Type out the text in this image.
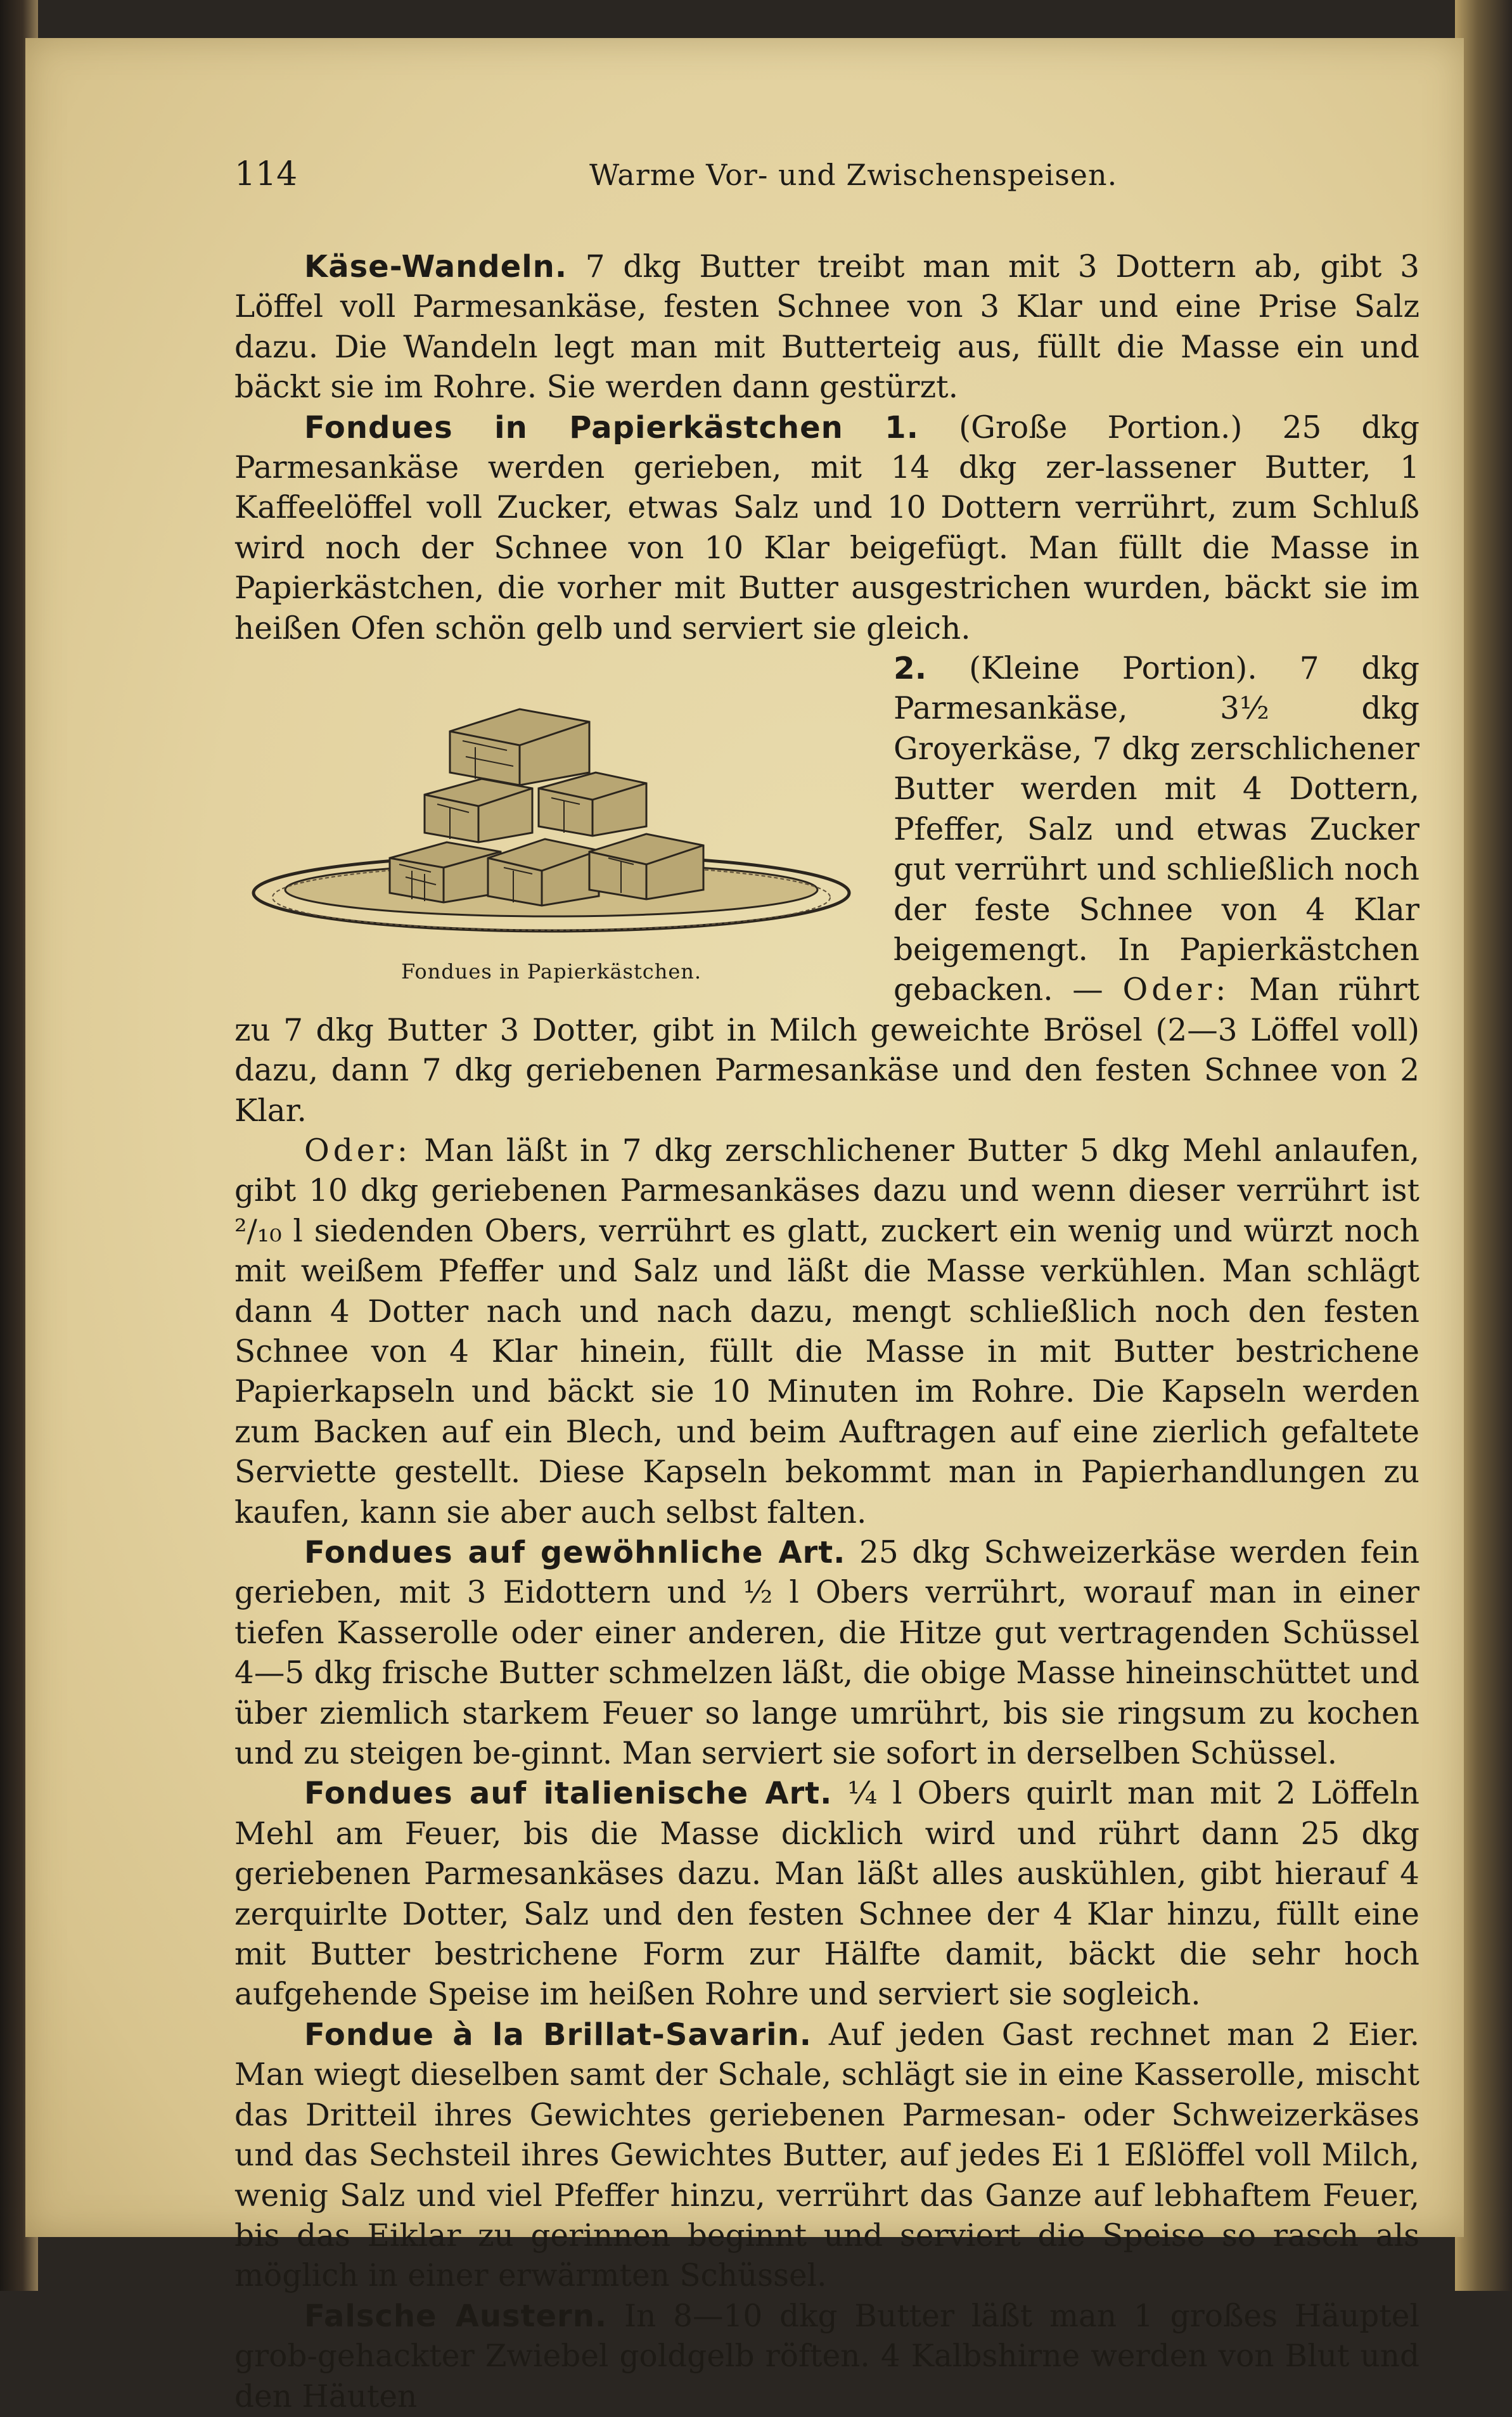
114	Warme Vor- und Zwischenspeisen.

Käse-Wandeln. 7 dkg Butter treibt man mit 3 Dottern ab, gibt 3 Löffel voll Parmesankäse, festen Schnee von 3 Klar und eine Prise Salz dazu. Die Wandeln legt man mit Butterteig aus, füllt die Masse ein und bäckt sie im Rohre. Sie werden dann gestürzt.

Fondues in Papierkästchen 1. (Große Portion.) 25 dkg Parmesankäse werden gerieben, mit 14 dkg zer-lassener Butter, 1 Kaffeelöffel voll Zucker, etwas Salz und 10 Dottern verrührt, zum Schluß wird noch der Schnee von 10 Klar beigefügt. Man füllt die Masse in Papierkästchen, die vorher mit Butter ausgestrichen wurden, bäckt sie im heißen Ofen schön gelb und serviert sie gleich.

Fondues in Papierkästchen.

2. (Kleine Portion). 7 dkg Parmesankäse, 3½ dkg Groyerkäse, 7 dkg zerschlichener Butter werden mit 4 Dottern, Pfeffer, Salz und etwas Zucker gut verrührt und schließlich noch der feste Schnee von 4 Klar beigemengt. In Papierkästchen gebacken. — Oder: Man rührt zu 7 dkg Butter 3 Dotter, gibt in Milch geweichte Brösel (2—3 Löffel voll) dazu, dann 7 dkg geriebenen Parmesankäse und den festen Schnee von 2 Klar.

Oder: Man läßt in 7 dkg zerschlichener Butter 5 dkg Mehl anlaufen, gibt 10 dkg geriebenen Parmesankäses dazu und wenn dieser verrührt ist ²/₁₀ l siedenden Obers, verrührt es glatt, zuckert ein wenig und würzt noch mit weißem Pfeffer und Salz und läßt die Masse verkühlen. Man schlägt dann 4 Dotter nach und nach dazu, mengt schließlich noch den festen Schnee von 4 Klar hinein, füllt die Masse in mit Butter bestrichene Papierkapseln und bäckt sie 10 Minuten im Rohre. Die Kapseln werden zum Backen auf ein Blech, und beim Auftragen auf eine zierlich gefaltete Serviette gestellt. Diese Kapseln bekommt man in Papierhandlungen zu kaufen, kann sie aber auch selbst falten.

Fondues auf gewöhnliche Art. 25 dkg Schweizerkäse werden fein gerieben, mit 3 Eidottern und ½ l Obers verrührt, worauf man in einer tiefen Kasserolle oder einer anderen, die Hitze gut vertragenden Schüssel 4—5 dkg frische Butter schmelzen läßt, die obige Masse hineinschüttet und über ziemlich starkem Feuer so lange umrührt, bis sie ringsum zu kochen und zu steigen be-ginnt. Man serviert sie sofort in derselben Schüssel.

Fondues auf italienische Art. ¼ l Obers quirlt man mit 2 Löffeln Mehl am Feuer, bis die Masse dicklich wird und rührt dann 25 dkg geriebenen Parmesankäses dazu. Man läßt alles auskühlen, gibt hierauf 4 zerquirlte Dotter, Salz und den festen Schnee der 4 Klar hinzu, füllt eine mit Butter bestrichene Form zur Hälfte damit, bäckt die sehr hoch aufgehende Speise im heißen Rohre und serviert sie sogleich.

Fondue à la Brillat-Savarin. Auf jeden Gast rechnet man 2 Eier. Man wiegt dieselben samt der Schale, schlägt sie in eine Kasserolle, mischt das Dritteil ihres Gewichtes geriebenen Parmesan- oder Schweizerkäses und das Sechsteil ihres Gewichtes Butter, auf jedes Ei 1 Eßlöffel voll Milch, wenig Salz und viel Pfeffer hinzu, verrührt das Ganze auf lebhaftem Feuer, bis das Eiklar zu gerinnen beginnt und serviert die Speise so rasch als möglich in einer erwärmten Schüssel.

Falsche Austern. In 8—10 dkg Butter läßt man 1 großes Häuptel grob-gehackter Zwiebel goldgelb röften. 4 Kalbshirne werden von Blut und den Häuten
